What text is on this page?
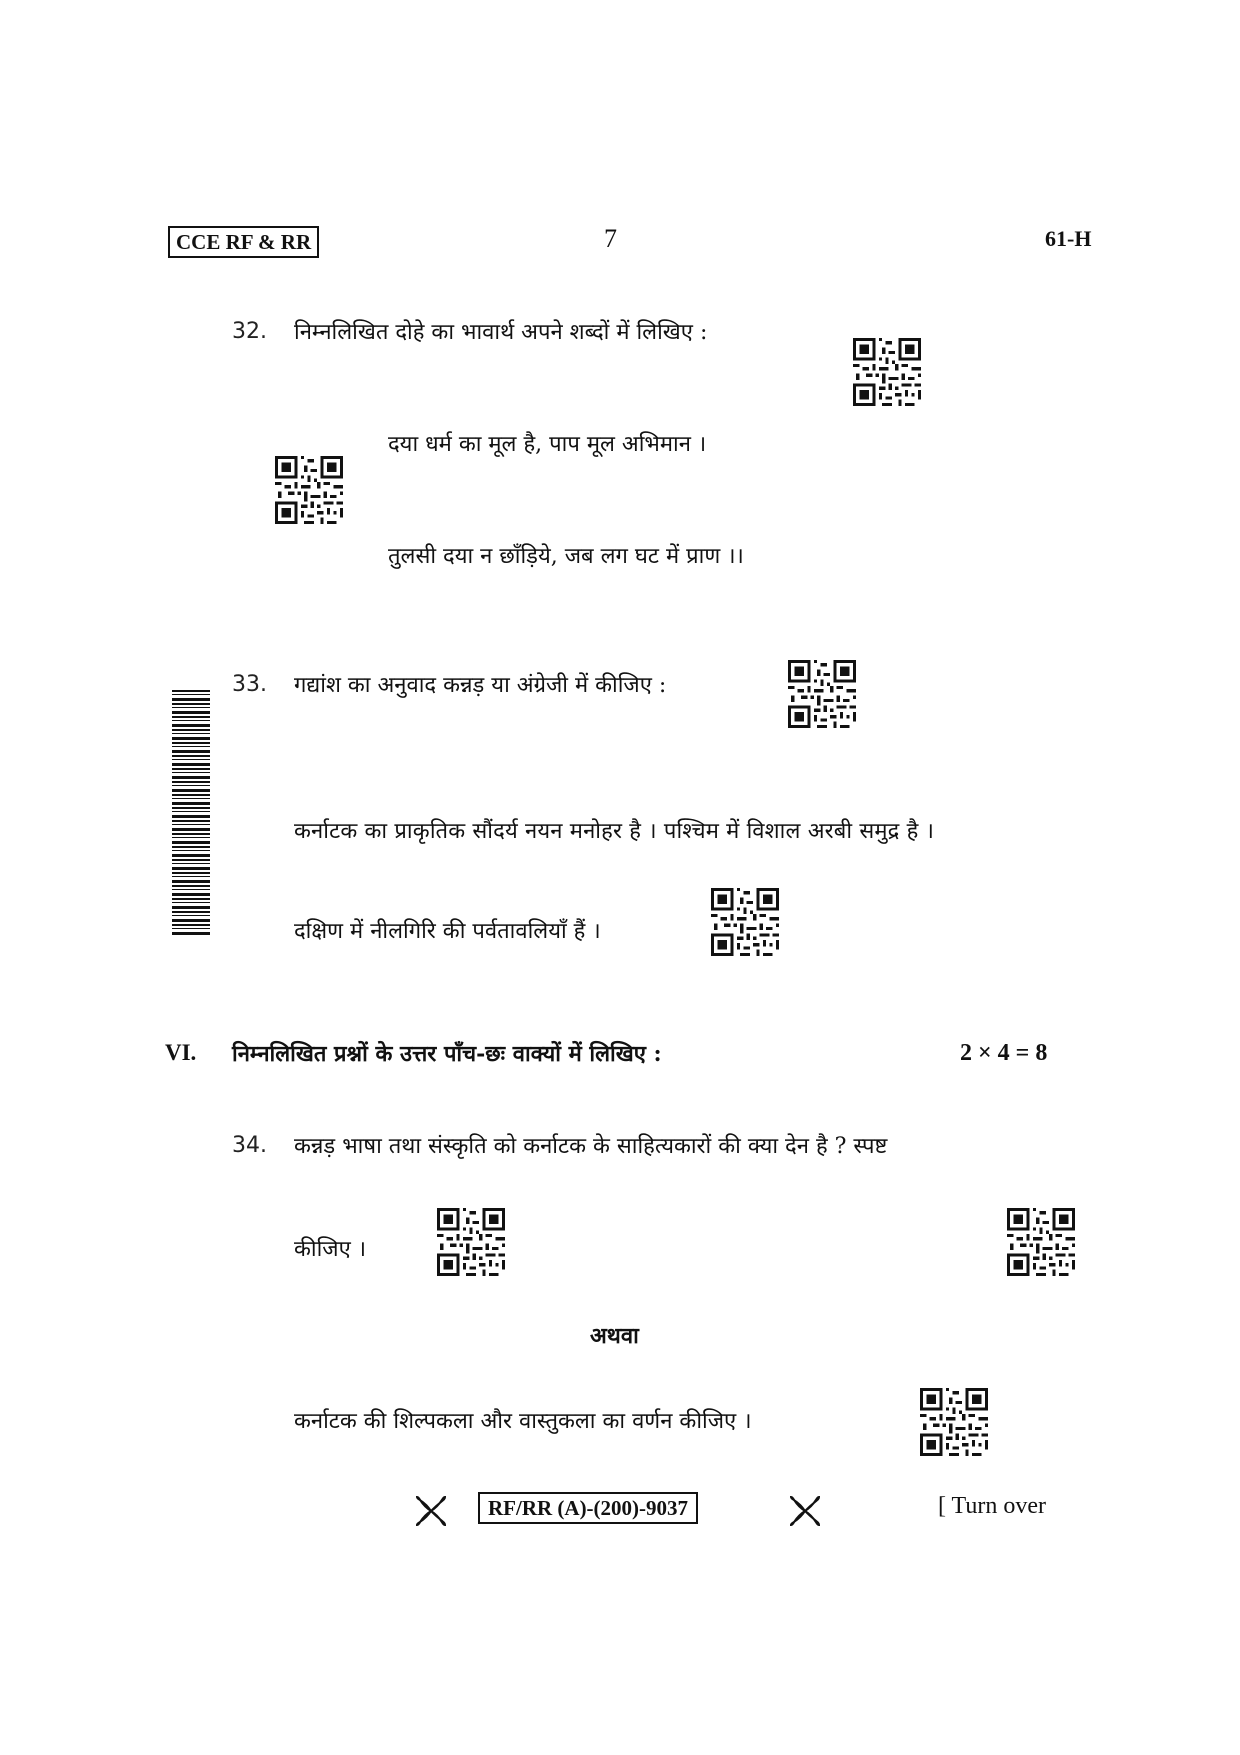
CCE RF & RR	7	61-H
32. निम्नलिखित दोहे का भावार्थ अपने शब्दों में लिखिए :
दया धर्म का मूल है, पाप मूल अभिमान ।
तुलसी दया न छाँड़िये, जब लग घट में प्राण ।।
33. गद्यांश का अनुवाद कन्नड़ या अंग्रेजी में कीजिए :
कर्नाटक का प्राकृतिक सौंदर्य नयन मनोहर है । पश्चिम में विशाल अरबी समुद्र है ।
दक्षिण में नीलगिरि की पर्वतावलियाँ हैं ।
VI. निम्नलिखित प्रश्नों के उत्तर पाँच-छः वाक्यों में लिखिए :	2 × 4 = 8
34. कन्नड़ भाषा तथा संस्कृति को कर्नाटक के साहित्यकारों की क्या देन है ? स्पष्ट
कीजिए ।
अथवा
कर्नाटक की शिल्पकला और वास्तुकला का वर्णन कीजिए ।
RF/RR (A)-(200)-9037	[ Turn over
